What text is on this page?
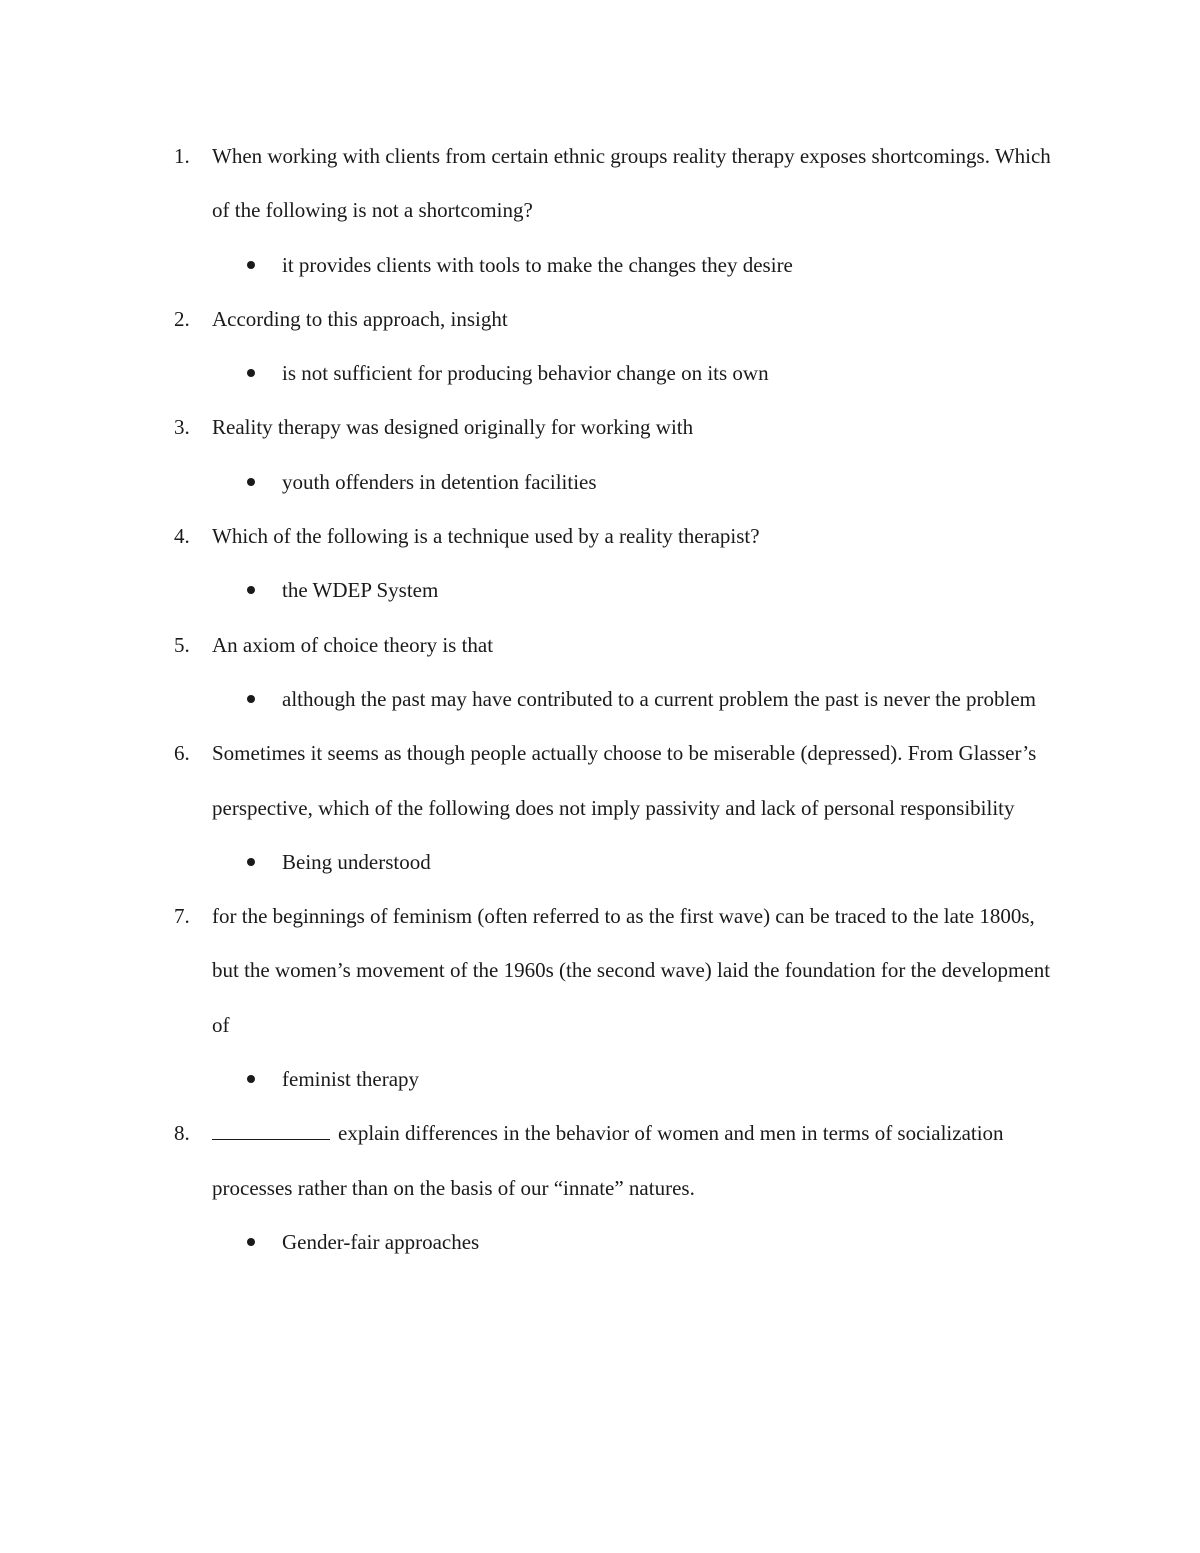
1. When working with clients from certain ethnic groups reality therapy exposes shortcomings. Which of the following is not a shortcoming?
it provides clients with tools to make the changes they desire
2. According to this approach, insight
is not sufficient for producing behavior change on its own
3. Reality therapy was designed originally for working with
youth offenders in detention facilities
4. Which of the following is a technique used by a reality therapist?
the WDEP System
5. An axiom of choice theory is that
although the past may have contributed to a current problem the past is never the problem
6. Sometimes it seems as though people actually choose to be miserable (depressed). From Glasser’s perspective, which of the following does not imply passivity and lack of personal responsibility
Being understood
7. for the beginnings of feminism (often referred to as the first wave) can be traced to the late 1800s, but the women’s movement of the 1960s (the second wave) laid the foundation for the development of
feminist therapy
8.	explain differences in the behavior of women and men in terms of socialization processes rather than on the basis of our “innate” natures.
Gender-fair approaches
